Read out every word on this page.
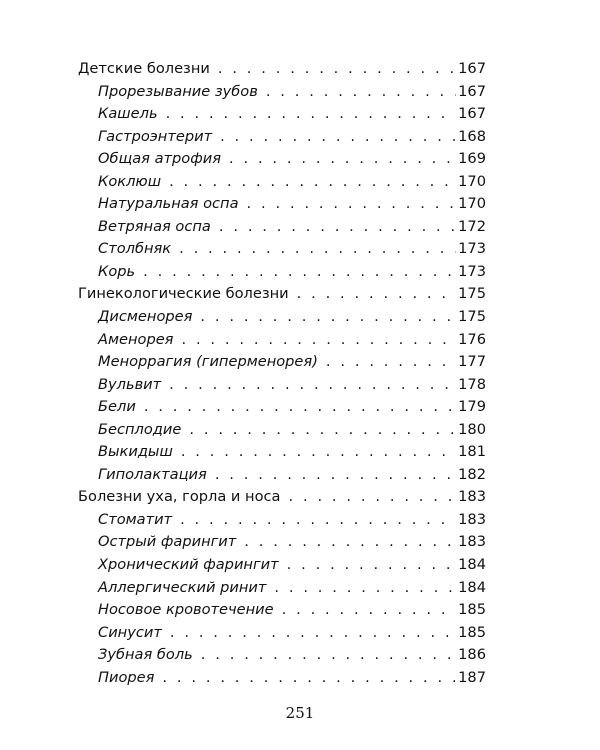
Детские болезни . . .	167
Прорезывание зубов . . .	167
Кашель . . .	167
Гастроэнтерит . . .	168
Общая атрофия . . .	169
Коклюш . . .	170
Натуральная оспа . . .	170
Ветряная оспа . . .	172
Столбняк . . .	173
Корь . . .	173
Гинекологические болезни . . .	175
Дисменорея . . .	175
Аменорея . . .	176
Меноррагия (гиперменорея) . . .	177
Вульвит . . .	178
Бели . . .	179
Бесплодие . . .	180
Выкидыш . . .	181
Гиполактация . . .	182
Болезни уха, горла и носа . . .	183
Стоматит . . .	183
Острый фарингит . . .	183
Хронический фарингит . . .	184
Аллергический ринит . . .	184
Носовое кровотечение . . .	185
Синусит . . .	185
Зубная боль . . .	186
Пиорея . . .	187
251
